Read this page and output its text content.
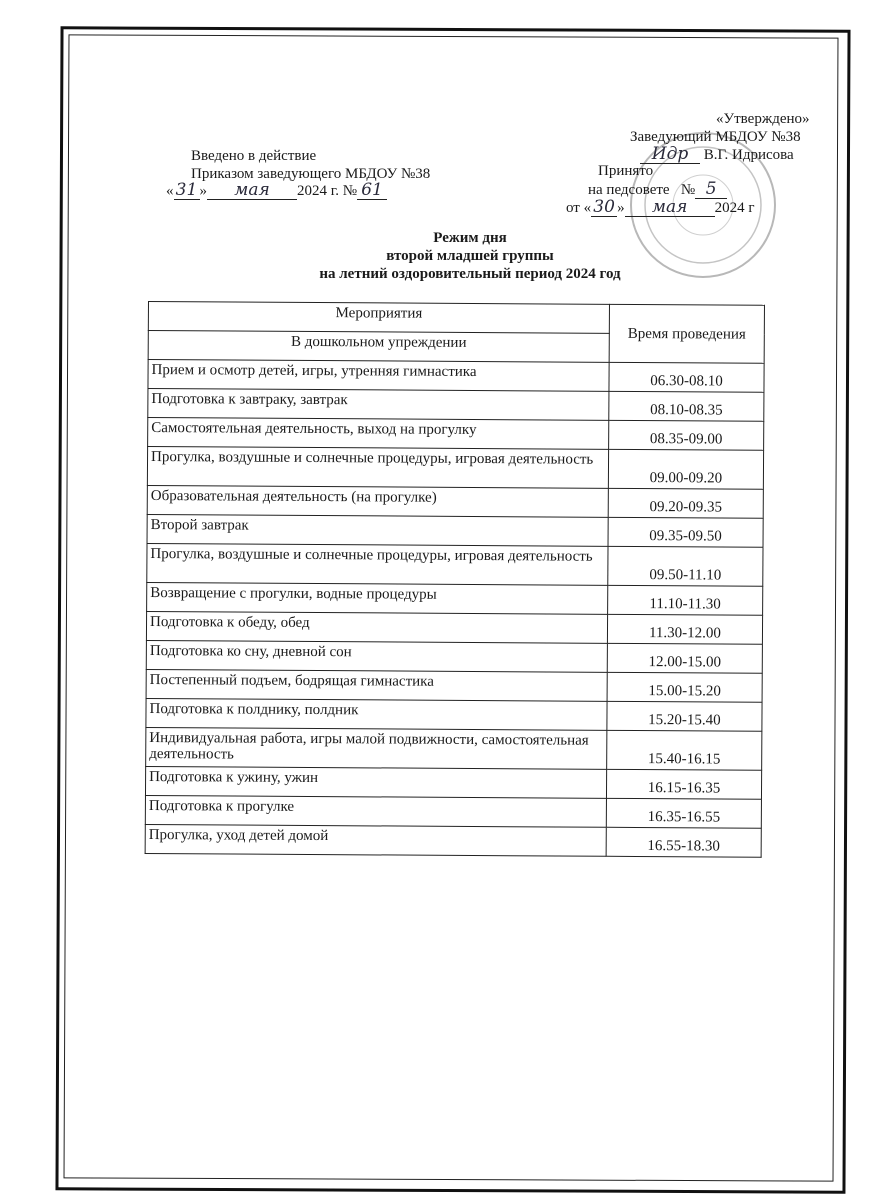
«Утверждено»
Заведующий МБДОУ №38
Идр В.Г. Идрисова
Введено в действие
Приказом заведующего МБДОУ №38
« 31 » мая 2024 г. № 61
Принято
на педсовете № 5
от « 30 » мая 2024 г
Режим дня
второй младшей группы
на летний оздоровительный период 2024 год
Мероприятия	Время проведения
В дошкольном упреждении	
Прием и осмотр детей, игры, утренняя гимнастика	06.30-08.10
Подготовка к завтраку, завтрак	08.10-08.35
Самостоятельная деятельность, выход на прогулку	08.35-09.00
Прогулка, воздушные и солнечные процедуры, игровая деятельность	09.00-09.20
Образовательная деятельность (на прогулке)	09.20-09.35
Второй завтрак	09.35-09.50
Прогулка, воздушные и солнечные процедуры, игровая деятельность	09.50-11.10
Возвращение с прогулки, водные процедуры	11.10-11.30
Подготовка к обеду, обед	11.30-12.00
Подготовка ко сну, дневной сон	12.00-15.00
Постепенный подъем, бодрящая гимнастика	15.00-15.20
Подготовка к полднику, полдник	15.20-15.40
Индивидуальная работа, игры малой подвижности, самостоятельная деятельность	15.40-16.15
Подготовка к ужину, ужин	16.15-16.35
Подготовка к прогулке	16.35-16.55
Прогулка, уход детей домой	16.55-18.30
